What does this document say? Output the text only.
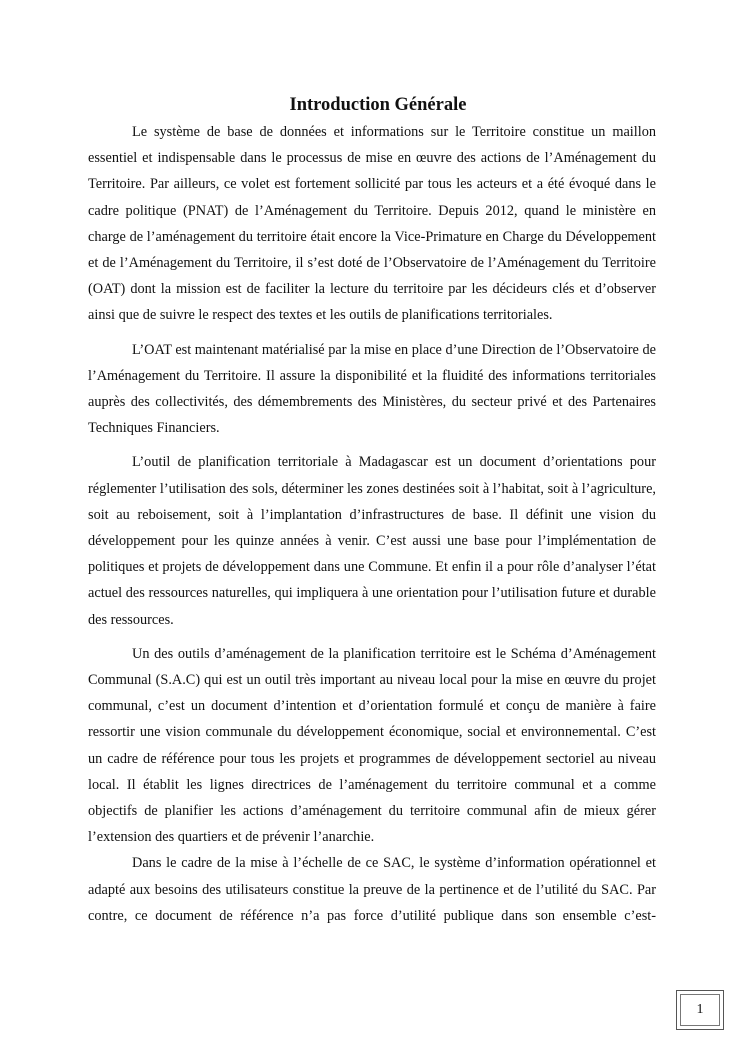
Introduction Générale

Le système de base de données et informations sur le Territoire constitue un maillon essentiel et indispensable dans le processus de mise en œuvre des actions de l’Aménagement du Territoire. Par ailleurs, ce volet est fortement sollicité par tous les acteurs et a été évoqué dans le cadre politique (PNAT) de l’Aménagement du Territoire. Depuis 2012, quand le ministère en charge de l’aménagement du territoire était encore la Vice-Primature en Charge du Développement et de l’Aménagement du Territoire, il s’est doté de l’Observatoire de l’Aménagement du Territoire (OAT) dont la mission est de faciliter la lecture du territoire par les décideurs clés et d’observer ainsi que de suivre le respect des textes et les outils de planifications territoriales.

L’OAT est maintenant matérialisé par la mise en place d’une Direction de l’Observatoire de l’Aménagement du Territoire. Il assure la disponibilité et la fluidité des informations territoriales auprès des collectivités, des démembrements des Ministères, du secteur privé et des Partenaires Techniques Financiers.

L’outil de planification territoriale à Madagascar est un document d’orientations pour réglementer l’utilisation des sols, déterminer les zones destinées soit à l’habitat, soit à l’agriculture, soit au reboisement, soit à l’implantation d’infrastructures de base. Il définit une vision du développement pour les quinze années à venir. C’est aussi une base pour l’implémentation de politiques et projets de développement dans une Commune. Et enfin il a pour rôle d’analyser l’état actuel des ressources naturelles, qui impliquera à une orientation pour l’utilisation future et durable des ressources.

Un des outils d’aménagement de la planification territoire est le Schéma d’Aménagement Communal (S.A.C) qui est un outil très important au niveau local pour la mise en œuvre du projet communal, c’est un document d’intention et d’orientation formulé et conçu de manière à faire ressortir une vision communale du développement économique, social et environnemental. C’est un cadre de référence pour tous les projets et programmes de développement sectoriel au niveau local. Il établit les lignes directrices de l’aménagement du territoire communal et a comme objectifs de planifier les actions d’aménagement du territoire communal afin de mieux gérer l’extension des quartiers et de prévenir l’anarchie.

Dans le cadre de la mise à l’échelle de ce SAC, le système d’information opérationnel et adapté aux besoins des utilisateurs constitue la preuve de la pertinence et de l’utilité du SAC. Par contre, ce document de référence n’a pas force d’utilité publique dans son ensemble c’est-

1
